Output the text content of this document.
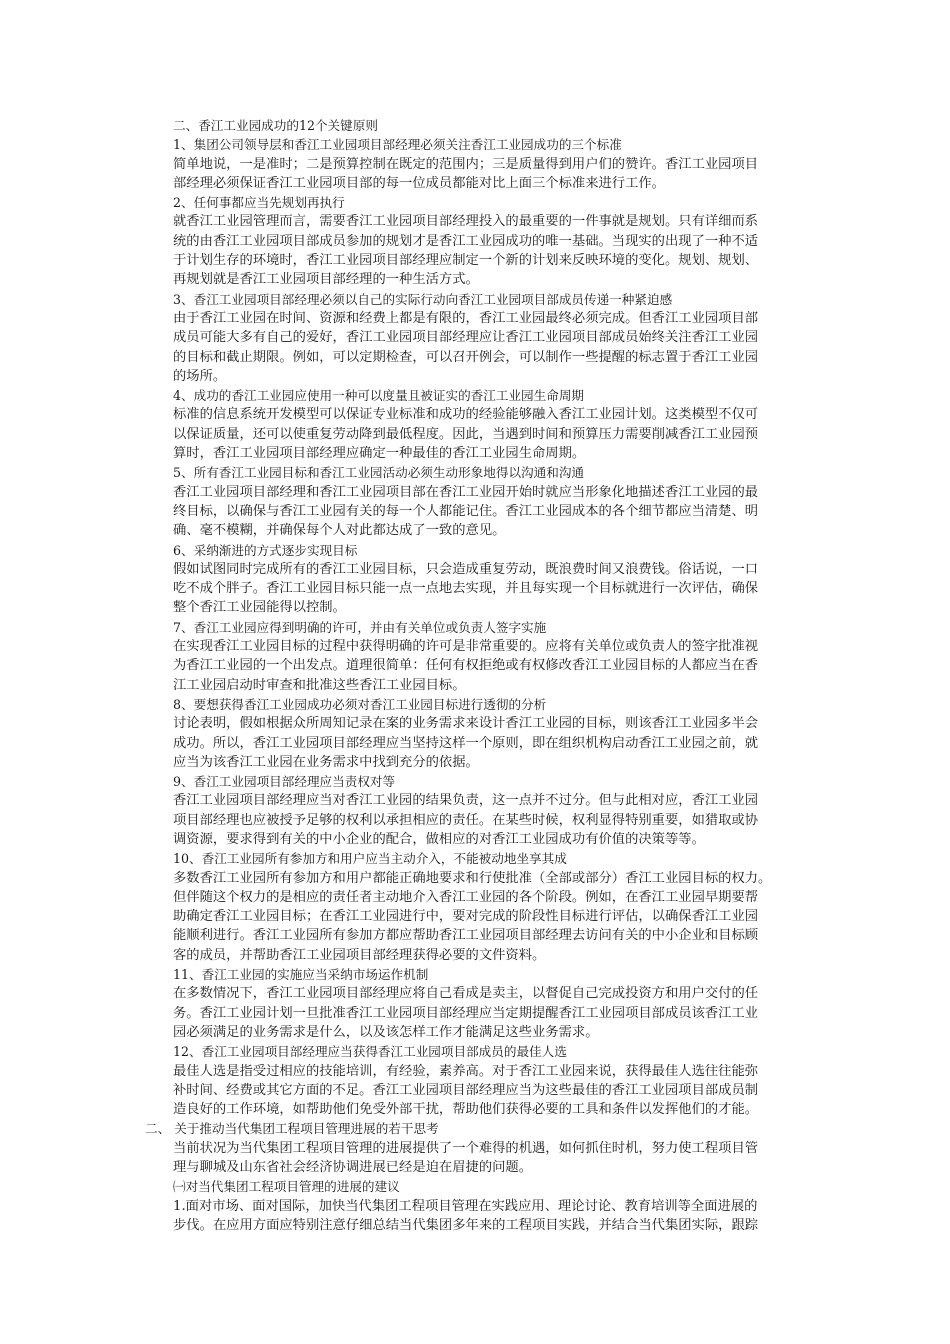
二、香江工业园成功的12个关键原则
1、集团公司领导层和香江工业园项目部经理必须关注香江工业园成功的三个标准
简单地说，一是准时；二是预算控制在既定的范围内；三是质量得到用户们的赞许。香江工业园项目
部经理必须保证香江工业园项目部的每一位成员都能对比上面三个标准来进行工作。
2、任何事都应当先规划再执行
就香江工业园管理而言，需要香江工业园项目部经理投入的最重要的一件事就是规划。只有详细而系
统的由香江工业园项目部成员参加的规划才是香江工业园成功的唯一基础。当现实的出现了一种不适
于计划生存的环境时，香江工业园项目部经理应制定一个新的计划来反映环境的变化。规划、规划、
再规划就是香江工业园项目部经理的一种生活方式。
3、香江工业园项目部经理必须以自己的实际行动向香江工业园项目部成员传递一种紧迫感
由于香江工业园在时间、资源和经费上都是有限的，香江工业园最终必须完成。但香江工业园项目部
成员可能大多有自己的爱好，香江工业园项目部经理应让香江工业园项目部成员始终关注香江工业园
的目标和截止期限。例如，可以定期检查，可以召开例会，可以制作一些提醒的标志置于香江工业园
的场所。
4、成功的香江工业园应使用一种可以度量且被证实的香江工业园生命周期
标准的信息系统开发模型可以保证专业标准和成功的经验能够融入香江工业园计划。这类模型不仅可
以保证质量，还可以使重复劳动降到最低程度。因此，当遇到时间和预算压力需要削减香江工业园预
算时，香江工业园项目部经理应确定一种最佳的香江工业园生命周期。
5、所有香江工业园目标和香江工业园活动必须生动形象地得以沟通和沟通
香江工业园项目部经理和香江工业园项目部在香江工业园开始时就应当形象化地描述香江工业园的最
终目标，以确保与香江工业园有关的每一个人都能记住。香江工业园成本的各个细节都应当清楚、明
确、毫不模糊，并确保每个人对此都达成了一致的意见。
6、采纳渐进的方式逐步实现目标
假如试图同时完成所有的香江工业园目标，只会造成重复劳动，既浪费时间又浪费钱。俗话说，一口
吃不成个胖子。香江工业园目标只能一点一点地去实现，并且每实现一个目标就进行一次评估，确保
整个香江工业园能得以控制。
7、香江工业园应得到明确的许可，并由有关单位或负责人签字实施
在实现香江工业园目标的过程中获得明确的许可是非常重要的。应将有关单位或负责人的签字批准视
为香江工业园的一个出发点。道理很简单：任何有权拒绝或有权修改香江工业园目标的人都应当在香
江工业园启动时审查和批准这些香江工业园目标。
8、要想获得香江工业园成功必须对香江工业园目标进行透彻的分析
讨论表明，假如根据众所周知记录在案的业务需求来设计香江工业园的目标，则该香江工业园多半会
成功。所以，香江工业园项目部经理应当坚持这样一个原则，即在组织机构启动香江工业园之前，就
应当为该香江工业园在业务需求中找到充分的依据。
9、香江工业园项目部经理应当责权对等
香江工业园项目部经理应当对香江工业园的结果负责，这一点并不过分。但与此相对应，香江工业园
项目部经理也应被授予足够的权利以承担相应的责任。在某些时候，权利显得特别重要，如猎取或协
调资源，要求得到有关的中小企业的配合，做相应的对香江工业园成功有价值的决策等等。
10、香江工业园所有参加方和用户应当主动介入，不能被动地坐享其成
多数香江工业园所有参加方和用户都能正确地要求和行使批准（全部或部分）香江工业园目标的权力。
但伴随这个权力的是相应的责任者主动地介入香江工业园的各个阶段。例如，在香江工业园早期要帮
助确定香江工业园目标；在香江工业园进行中，要对完成的阶段性目标进行评估，以确保香江工业园
能顺利进行。香江工业园所有参加方都应帮助香江工业园项目部经理去访问有关的中小企业和目标顾
客的成员，并帮助香江工业园项目部经理获得必要的文件资料。
11、香江工业园的实施应当采纳市场运作机制
在多数情况下，香江工业园项目部经理应将自己看成是卖主，以督促自己完成投资方和用户交付的任
务。香江工业园计划一旦批准香江工业园项目部经理应当定期提醒香江工业园项目部成员该香江工业
园必须满足的业务需求是什么，以及该怎样工作才能满足这些业务需求。
12、香江工业园项目部经理应当获得香江工业园项目部成员的最佳人选
最佳人选是指受过相应的技能培训，有经验，素养高。对于香江工业园来说，获得最佳人选往往能弥
补时间、经费或其它方面的不足。香江工业园项目部经理应当为这些最佳的香江工业园项目部成员制
造良好的工作环境，如帮助他们免受外部干扰，帮助他们获得必要的工具和条件以发挥他们的才能。
二、 关于推动当代集团工程项目管理进展的若干思考
当前状况为当代集团工程项目管理的进展提供了一个难得的机遇，如何抓住时机，努力使工程项目管
理与聊城及山东省社会经济协调进展已经是迫在眉捷的问题。
㈠对当代集团工程项目管理的进展的建议
1.面对市场、面对国际，加快当代集团工程项目管理在实践应用、理论讨论、教育培训等全面进展的
步伐。在应用方面应特别注意仔细总结当代集团多年来的工程项目实践，并结合当代集团实际，跟踪
